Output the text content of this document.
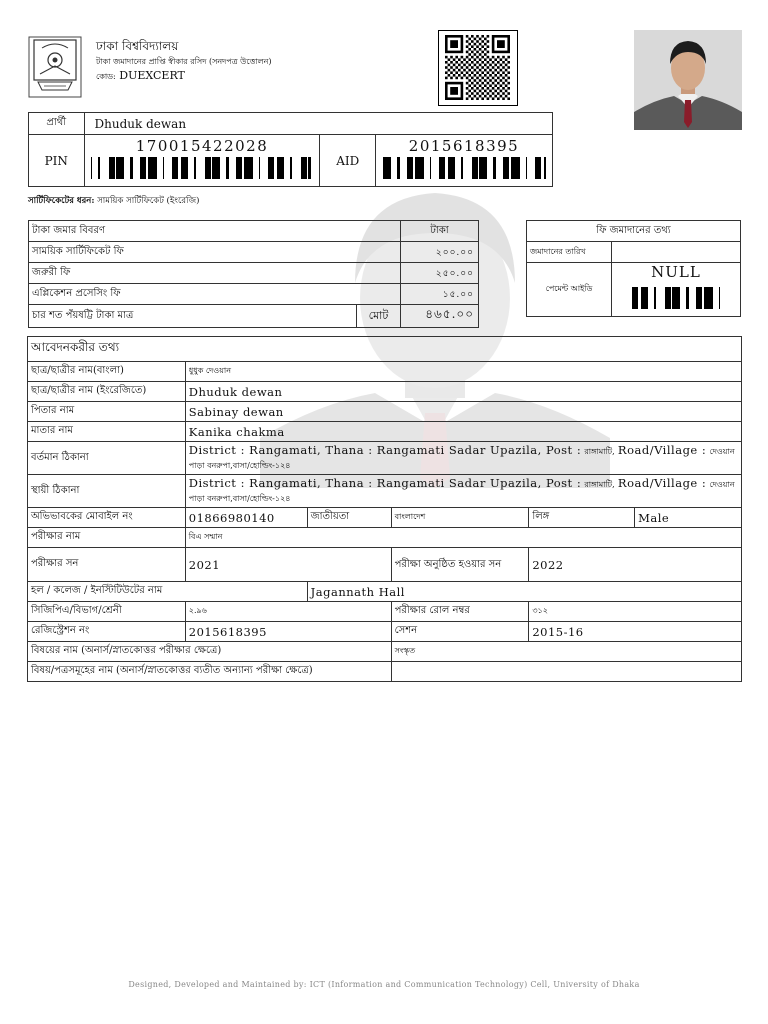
ঢাকা বিশ্ববিদ্যালয়
টাকা জমাদানের প্রাপ্তি স্বীকার রসিদ (সনদপত্র উত্তোলন)
কোড: DUEXCERT
প্রার্থী	Dhuduk dewan		
PIN	170015422028	AID	2015618395
সার্টিফিকেটের ধরন: সাময়িক সার্টিফিকেট (ইংরেজি)
টাকা জমার বিবরণ		টাকা
সাময়িক সার্টিফিকেট ফি		২০০.০০
জরুরী ফি		২৫০.০০
এপ্লিকেশন প্রসেসিং ফি		১৫.০০
চার শত পঁয়ষট্টি টাকা মাত্র	মোট	৪৬৫.০০
ফি জমাদানের তথ্য	
জমাদানের তারিখ	
পেমেন্ট আইডি	NULL
আবেদনকরীর তথ্য					
ছাত্র/ছাত্রীর নাম(বাংলা)	ধুধুক দেওয়ান				
ছাত্র/ছাত্রীর নাম (ইংরেজিতে)	Dhuduk dewan				
পিতার নাম	Sabinay dewan				
মাতার নাম	Kanika chakma				
বর্তমান ঠিকানা	District : Rangamati, Thana : Rangamati Sadar Upazila, Post : রাঙ্গামাটি, Road/Village : দেওয়ান
পাড়া বনরুপা,বাসা/হোল্ডিং-১২৪				
স্থায়ী ঠিকানা	District : Rangamati, Thana : Rangamati Sadar Upazila, Post : রাঙ্গামাটি, Road/Village : দেওয়ান
পাড়া বনরুপা,বাসা/হোল্ডিং-১২৪				
অভিভাবকের মোবাইল নং	01866980140	জাতীয়তা	বাংলাদেশ	লিঙ্গ	Male
পরীক্ষার নাম	বিএ সম্মান				
পরীক্ষার সন	2021		পরীক্ষা অনুষ্ঠিত হওয়ার সন	2022	
হল / কলেজ / ইনস্টিটিউটের নাম		Jagannath Hall			
সিজিপিএ/বিভাগ/শ্রেনী	২.৯৬		পরীক্ষার রোল নম্বর	৩১২	
রেজিস্ট্রেশন নং	2015618395		সেশন	2015-16	
বিষয়ের নাম (অনার্স/স্নাতকোত্তর পরীক্ষার ক্ষেত্রে)			সংস্কৃত		
বিষয়/পত্রসমূহের নাম (অনার্স/স্নাতকোত্তর ব্যতীত অন্যান্য পরীক্ষা ক্ষেত্রে)					
Designed, Developed and Maintained by: ICT (Information and Communication Technology) Cell, University of Dhaka
